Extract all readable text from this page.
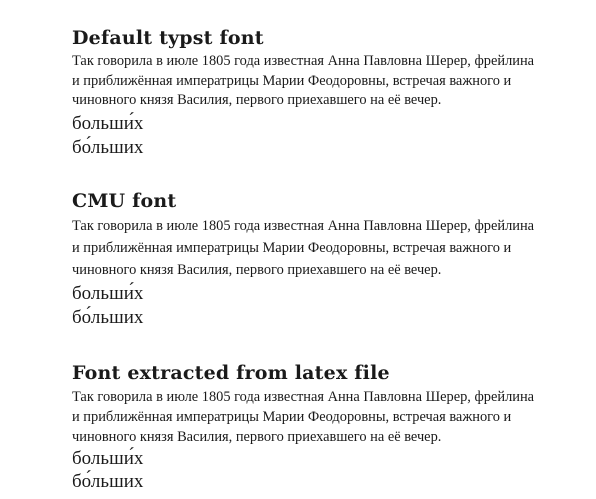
Default typst font

Так говорила в июле 1805 года известная Анна Павловна Шерер, фрейлина и приближённая императрицы Марии Феодоровны, встречая важного и чиновного князя Василия, первого приехавшего на её вечер.

больши́х

бо́льших

CMU font

Так говорила в июле 1805 года известная Анна Павловна Шерер, фрейлина и приближённая императрицы Марии Феодоровны, встречая важного и чиновного князя Василия, первого приехавшего на её вечер.

больши́х

бо́льших

Font extracted from latex file

Так говорила в июле 1805 года известная Анна Павловна Шерер, фрейлина и приближённая императрицы Марии Феодоровны, встречая важного и чиновного князя Василия, первого приехавшего на её вечер.

больши́х

бо́льших
